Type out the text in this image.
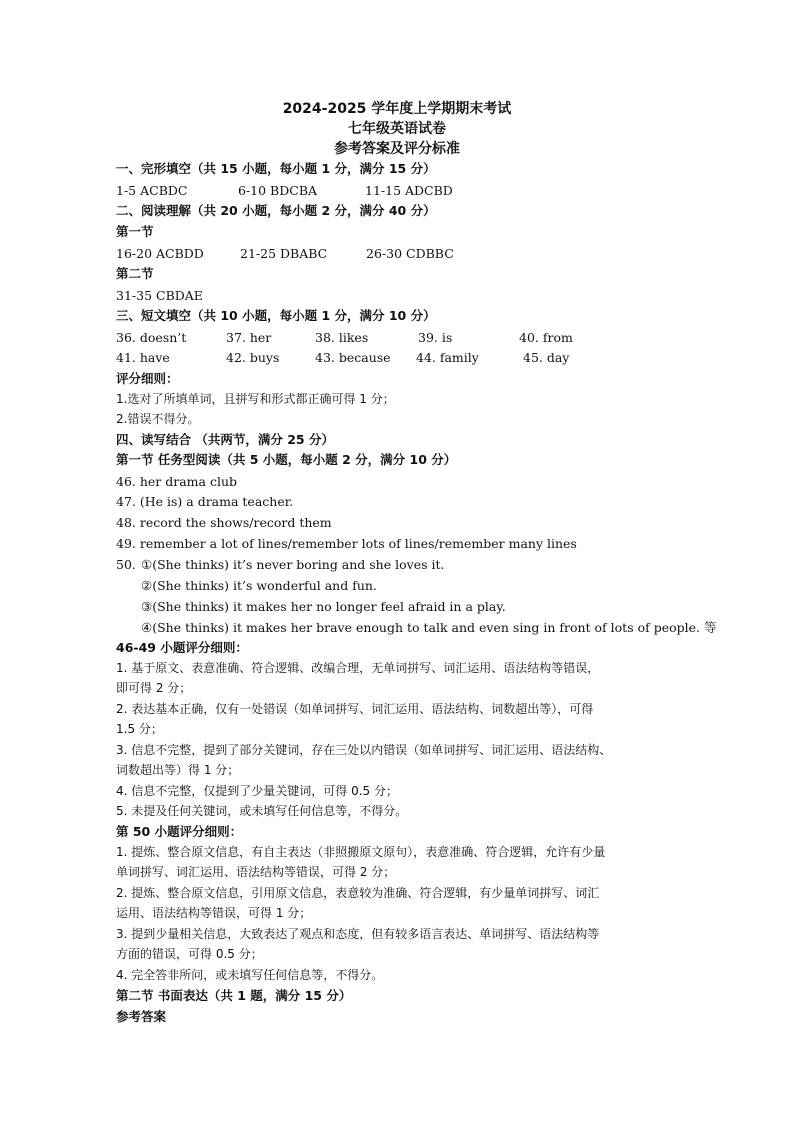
2024-2025 学年度上学期期末考试
七年级英语试卷
参考答案及评分标准
一、完形填空（共 15 小题，每小题 1 分，满分 15 分）
1-5 ACBDC	6-10 BDCBA	11-15 ADCBD
二、阅读理解（共 20 小题，每小题 2 分，满分 40 分）
第一节
16-20 ACBDD	21-25 DBABC	26-30 CDBBC
第二节
31-35 CBDAE
三、短文填空（共 10 小题，每小题 1 分，满分 10 分）
36. doesn’t	37. her	38. likes	39. is	40. from
41. have	42. buys	43. because 44. family	45. day
评分细则：
1.选对了所填单词，且拼写和形式都正确可得 1 分；
2.错误不得分。
四、读写结合 （共两节，满分 25 分）
第一节 任务型阅读（共 5 小题，每小题 2 分，满分 10 分）
46. her drama club
47. (He is) a drama teacher.
48. record the shows/record them
49. remember a lot of lines/remember lots of lines/remember many lines
50. ①(She thinks) it’s never boring and she loves it.
②(She thinks) it’s wonderful and fun.
③(She thinks) it makes her no longer feel afraid in a play.
④(She thinks) it makes her brave enough to talk and even sing in front of lots of people. 等
46-49 小题评分细则：
1. 基于原文、表意准确、符合逻辑、改编合理，无单词拼写、词汇运用、语法结构等错误，
即可得 2 分；
2. 表达基本正确，仅有一处错误（如单词拼写、词汇运用、语法结构、词数超出等），可得
1.5 分；
3. 信息不完整，提到了部分关键词，存在三处以内错误（如单词拼写、词汇运用、语法结构、
词数超出等）得 1 分；
4. 信息不完整，仅提到了少量关键词，可得 0.5 分；
5. 未提及任何关键词，或未填写任何信息等，不得分。
第 50 小题评分细则：
1. 提炼、整合原文信息，有自主表达（非照搬原文原句），表意准确、符合逻辑，允许有少量
单词拼写、词汇运用、语法结构等错误，可得 2 分；
2. 提炼、整合原文信息，引用原文信息，表意较为准确、符合逻辑，有少量单词拼写、词汇
运用、语法结构等错误，可得 1 分；
3. 提到少量相关信息，大致表达了观点和态度，但有较多语言表达、单词拼写、语法结构等
方面的错误，可得 0.5 分；
4. 完全答非所问，或未填写任何信息等，不得分。
第二节 书面表达（共 1 题，满分 15 分）
参考答案
